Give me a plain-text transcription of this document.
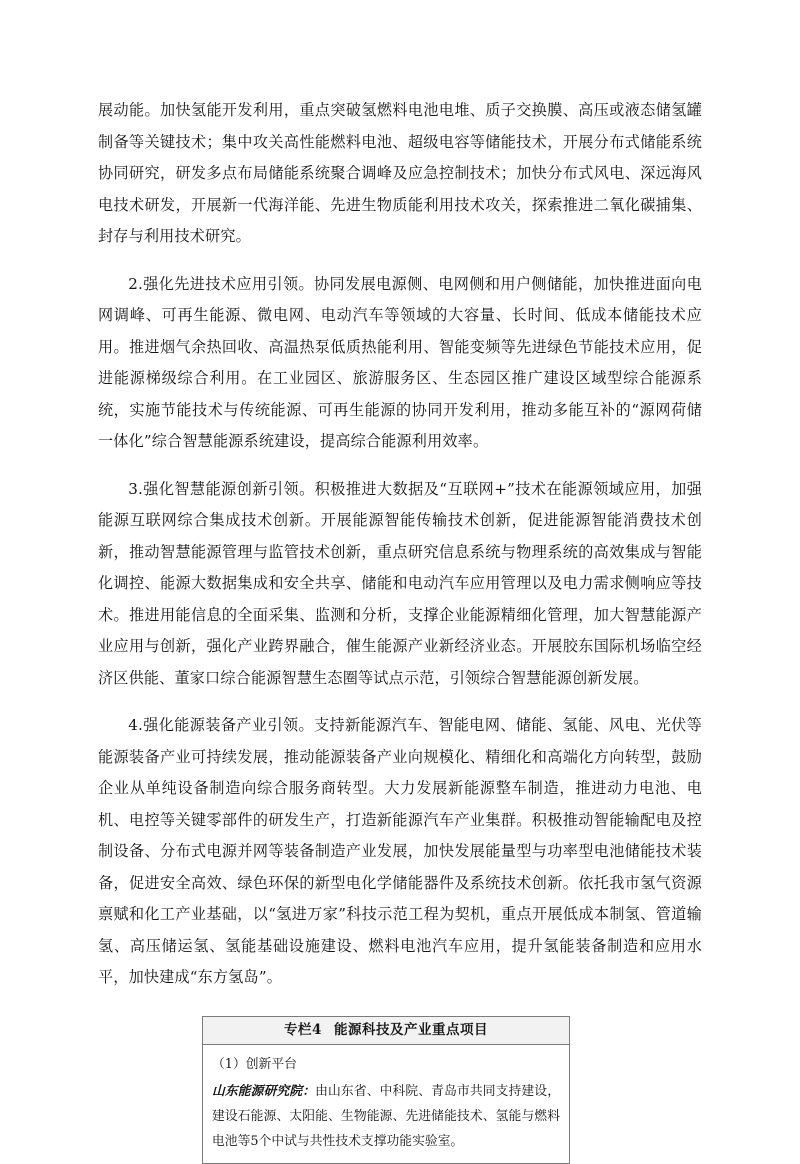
展动能。加快氢能开发利用，重点突破氢燃料电池电堆、质子交换膜、高压或液态储氢罐制备等关键技术；集中攻关高性能燃料电池、超级电容等储能技术，开展分布式储能系统协同研究，研发多点布局储能系统聚合调峰及应急控制技术；加快分布式风电、深远海风电技术研发，开展新一代海洋能、先进生物质能利用技术攻关，探索推进二氧化碳捕集、封存与利用技术研究。

2.强化先进技术应用引领。协同发展电源侧、电网侧和用户侧储能，加快推进面向电网调峰、可再生能源、微电网、电动汽车等领域的大容量、长时间、低成本储能技术应用。推进烟气余热回收、高温热泵低质热能利用、智能变频等先进绿色节能技术应用，促进能源梯级综合利用。在工业园区、旅游服务区、生态园区推广建设区域型综合能源系统，实施节能技术与传统能源、可再生能源的协同开发利用，推动多能互补的“源网荷储一体化”综合智慧能源系统建设，提高综合能源利用效率。

3.强化智慧能源创新引领。积极推进大数据及“互联网+”技术在能源领域应用，加强能源互联网综合集成技术创新。开展能源智能传输技术创新，促进能源智能消费技术创新，推动智慧能源管理与监管技术创新，重点研究信息系统与物理系统的高效集成与智能化调控、能源大数据集成和安全共享、储能和电动汽车应用管理以及电力需求侧响应等技术。推进用能信息的全面采集、监测和分析，支撑企业能源精细化管理，加大智慧能源产业应用与创新，强化产业跨界融合，催生能源产业新经济业态。开展胶东国际机场临空经济区供能、董家口综合能源智慧生态圈等试点示范，引领综合智慧能源创新发展。

4.强化能源装备产业引领。支持新能源汽车、智能电网、储能、氢能、风电、光伏等能源装备产业可持续发展，推动能源装备产业向规模化、精细化和高端化方向转型，鼓励企业从单纯设备制造向综合服务商转型。大力发展新能源整车制造，推进动力电池、电机、电控等关键零部件的研发生产，打造新能源汽车产业集群。积极推动智能输配电及控制设备、分布式电源并网等装备制造产业发展，加快发展能量型与功率型电池储能技术装备，促进安全高效、绿色环保的新型电化学储能器件及系统技术创新。依托我市氢气资源禀赋和化工产业基础，以“氢进万家”科技示范工程为契机，重点开展低成本制氢、管道输氢、高压储运氢、氢能基础设施建设、燃料电池汽车应用，提升氢能装备制造和应用水平，加快建成“东方氢岛”。

专栏4 能源科技及产业重点项目

（1）创新平台

山东能源研究院：由山东省、中科院、青岛市共同支持建设，建设石能源、太阳能、生物能源、先进储能技术、氢能与燃料电池等5个中试与共性技术支撑功能实验室。
